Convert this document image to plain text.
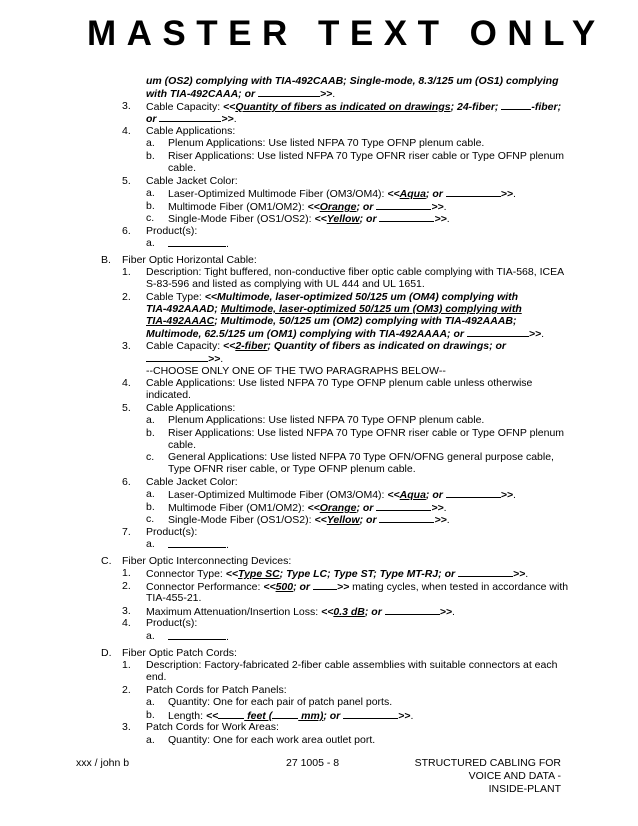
MASTER TEXT ONLY
um (OS2) complying with TIA-492CAAB; Single-mode, 8.3/125 um (OS1) complying
with TIA-492CAAA; or	>>.
3. Cable Capacity: <<Quantity of fibers as indicated on drawings; 24-fiber;	-fiber;
or	>>.
4. Cable Applications:
a. Plenum Applications: Use listed NFPA 70 Type OFNP plenum cable.
b. Riser Applications: Use listed NFPA 70 Type OFNR riser cable or Type OFNP plenum
cable.
5. Cable Jacket Color:
a. Laser-Optimized Multimode Fiber (OM3/OM4): <<Aqua; or	>>.
b. Multimode Fiber (OM1/OM2): <<Orange; or	>>.
c. Single-Mode Fiber (OS1/OS2): <<Yellow; or	>>.
6. Product(s):
a.	.
B. Fiber Optic Horizontal Cable:
1. Description: Tight buffered, non-conductive fiber optic cable complying with TIA-568, ICEA
S-83-596 and listed as complying with UL 444 and UL 1651.
2. Cable Type: <<Multimode, laser-optimized 50/125 um (OM4) complying with
TIA-492AAAD; Multimode, laser-optimized 50/125 um (OM3) complying with
TIA-492AAAC; Multimode, 50/125 um (OM2) complying with TIA-492AAAB;
Multimode, 62.5/125 um (OM1) complying with TIA-492AAAA; or	>>.
3. Cable Capacity: <<2-fiber; Quantity of fibers as indicated on drawings; or
>>.
--CHOOSE ONLY ONE OF THE TWO PARAGRAPHS BELOW--
4. Cable Applications: Use listed NFPA 70 Type OFNP plenum cable unless otherwise
indicated.
5. Cable Applications:
a. Plenum Applications: Use listed NFPA 70 Type OFNP plenum cable.
b. Riser Applications: Use listed NFPA 70 Type OFNR riser cable or Type OFNP plenum
cable.
c. General Applications: Use listed NFPA 70 Type OFN/OFNG general purpose cable,
Type OFNR riser cable, or Type OFNP plenum cable.
6. Cable Jacket Color:
a. Laser-Optimized Multimode Fiber (OM3/OM4): <<Aqua; or	>>.
b. Multimode Fiber (OM1/OM2): <<Orange; or	>>.
c. Single-Mode Fiber (OS1/OS2): <<Yellow; or	>>.
7. Product(s):
a.	.
C. Fiber Optic Interconnecting Devices:
1. Connector Type: <<Type SC; Type LC; Type ST; Type MT-RJ; or	>>.
2. Connector Performance: <<500; or >> mating cycles, when tested in accordance with
TIA-455-21.
3. Maximum Attenuation/Insertion Loss: <<0.3 dB; or	>>.
4. Product(s):
a.	.
D. Fiber Optic Patch Cords:
1. Description: Factory-fabricated 2-fiber cable assemblies with suitable connectors at each
end.
2. Patch Cords for Patch Panels:
a. Quantity: One for each pair of patch panel ports.
b. Length: << feet ( mm); or	>>.
3. Patch Cords for Work Areas:
a. Quantity: One for each work area outlet port.
xxx / john b	27 1005 - 8	STRUCTURED CABLING FOR
VOICE AND DATA -
INSIDE-PLANT
